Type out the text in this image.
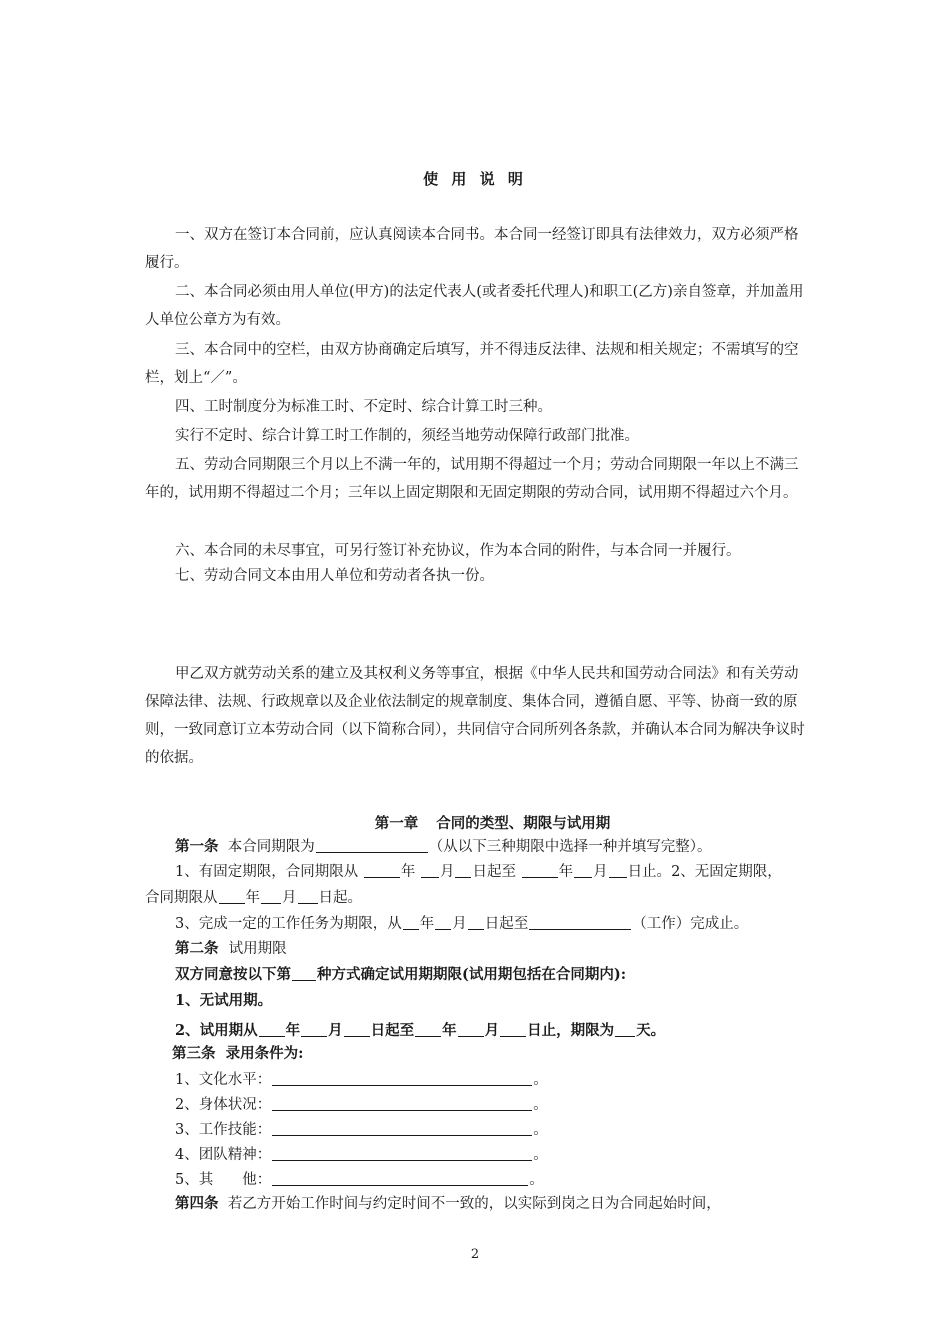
使 用 说 明
一、双方在签订本合同前，应认真阅读本合同书。本合同一经签订即具有法律效力，双方必须严格履行。
二、本合同必须由用人单位(甲方)的法定代表人(或者委托代理人)和职工(乙方)亲自签章，并加盖用人单位公章方为有效。
三、本合同中的空栏，由双方协商确定后填写，并不得违反法律、法规和相关规定；不需填写的空栏，划上“／”。
四、工时制度分为标准工时、不定时、综合计算工时三种。
实行不定时、综合计算工时工作制的，须经当地劳动保障行政部门批准。
五、劳动合同期限三个月以上不满一年的，试用期不得超过一个月；劳动合同期限一年以上不满三年的，试用期不得超过二个月；三年以上固定期限和无固定期限的劳动合同，试用期不得超过六个月。
六、本合同的未尽事宜，可另行签订补充协议，作为本合同的附件，与本合同一并履行。
七、劳动合同文本由用人单位和劳动者各执一份。
甲乙双方就劳动关系的建立及其权利义务等事宜，根据《中华人民共和国劳动合同法》和有关劳动保障法律、法规、行政规章以及企业依法制定的规章制度、集体合同，遵循自愿、平等、协商一致的原则，一致同意订立本劳动合同（以下简称合同），共同信守合同所列各条款，并确认本合同为解决争议时的依据。
第一章 合同的类型、期限与试用期
第一条 本合同期限为	（从以下三种期限中选择一种并填写完整）。
1、有固定期限，合同期限从	年 月 日起至	年 月 日止。2、无固定期限，
合同期限从 年 月 日起。
3、完成一定的工作任务为期限，从 年 月 日起至	（工作）完成止。
第二条 试用期限
双方同意按以下第 种方式确定试用期期限(试用期包括在合同期内):
1、无试用期。
2、试用期从 年 月 日起至 年 月 日止，期限为 天。
第三条 录用条件为:
1、文化水平：	。
2、身体状况：	。
3、工作技能：	。
4、团队精神：	。
5、其　　他：	。
第四条 若乙方开始工作时间与约定时间不一致的，以实际到岗之日为合同起始时间，
2
